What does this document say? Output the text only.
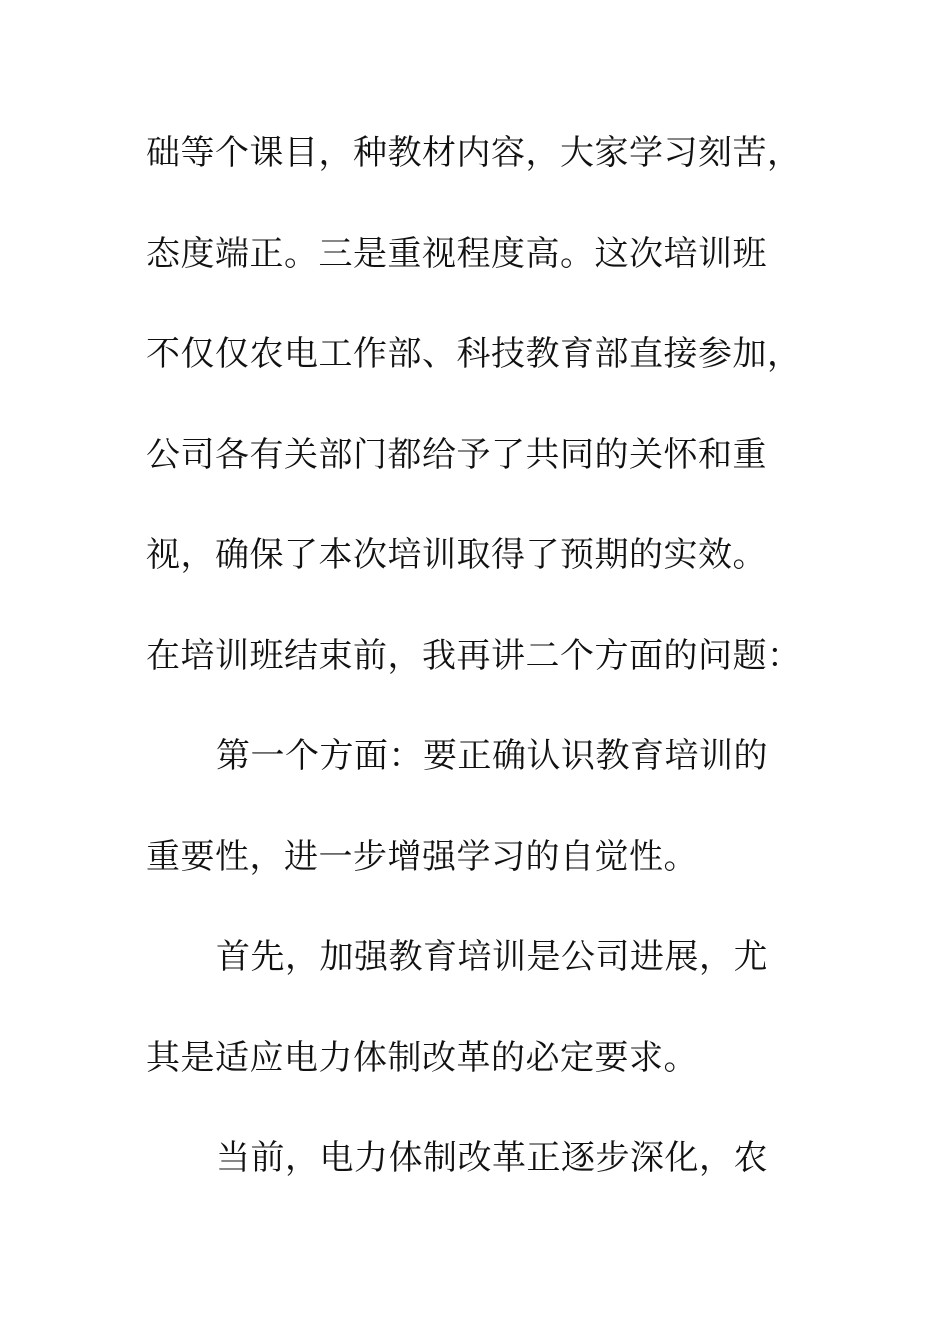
础等个课目，种教材内容，大家学习刻苦，
态度端正。三是重视程度高。这次培训班
不仅仅农电工作部、科技教育部直接参加，
公司各有关部门都给予了共同的关怀和重
视，确保了本次培训取得了预期的实效。
在培训班结束前，我再讲二个方面的问题：
第一个方面：要正确认识教育培训的
重要性，进一步增强学习的自觉性。
首先，加强教育培训是公司进展，尤
其是适应电力体制改革的必定要求。
当前，电力体制改革正逐步深化，农
